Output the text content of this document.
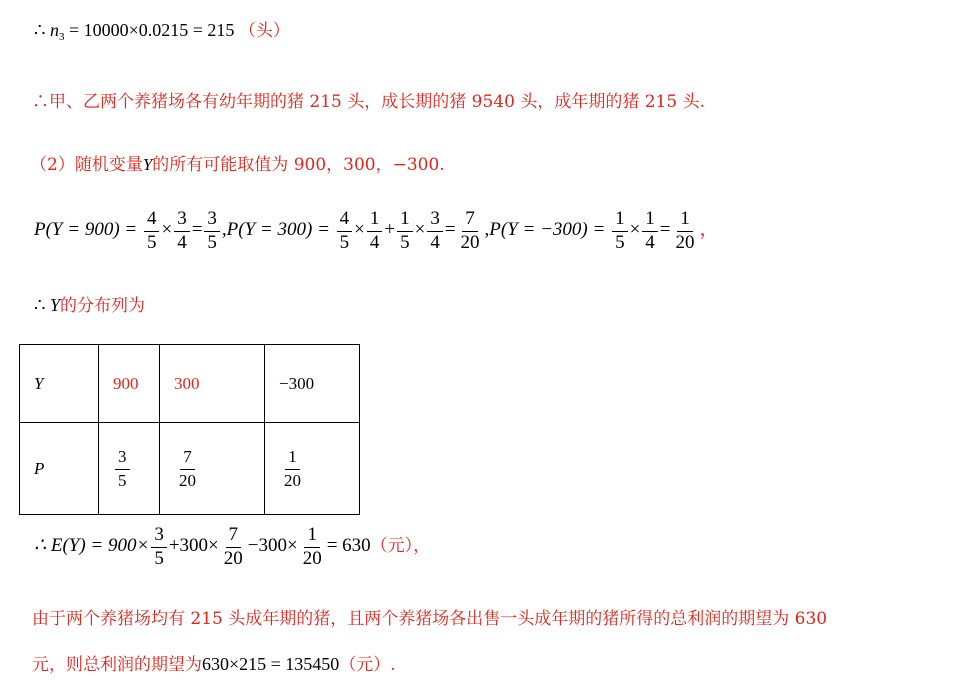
∴ $n_3 = 10000\times 0.0215 = 215$ （头）
∴甲、乙两个养猪场各有幼年期的猪 215 头，成长期的猪 9540 头，成年期的猪 215 头.
（2）随机变量Y的所有可能取值为 900，300，−300.
$P(Y = 900) = \frac{4}{5} \times \frac{3}{4} = \frac{3}{5} ,P(Y = 300) = \frac{4}{5} \times \frac{1}{4} + \frac{1}{5} \times \frac{3}{4} = \frac{7}{20} ,P(Y = -300) = \frac{1}{5} \times \frac{1}{4} = \frac{1}{20}$ ，
∴ Y的分布列为
Y	900	300	−300
P	$\frac{3}{5}$	$\frac{7}{20}$	$\frac{1}{20}$
∴ $E(Y) = 900\times \frac{3}{5} +300\times \frac{7}{20} -300\times \frac{1}{20} = 630$（元），
由于两个养猪场均有 215 头成年期的猪，且两个养猪场各出售一头成年期的猪所得的总利润的期望为 630
元，则总利润的期望为630×215 = 135450（元）.
